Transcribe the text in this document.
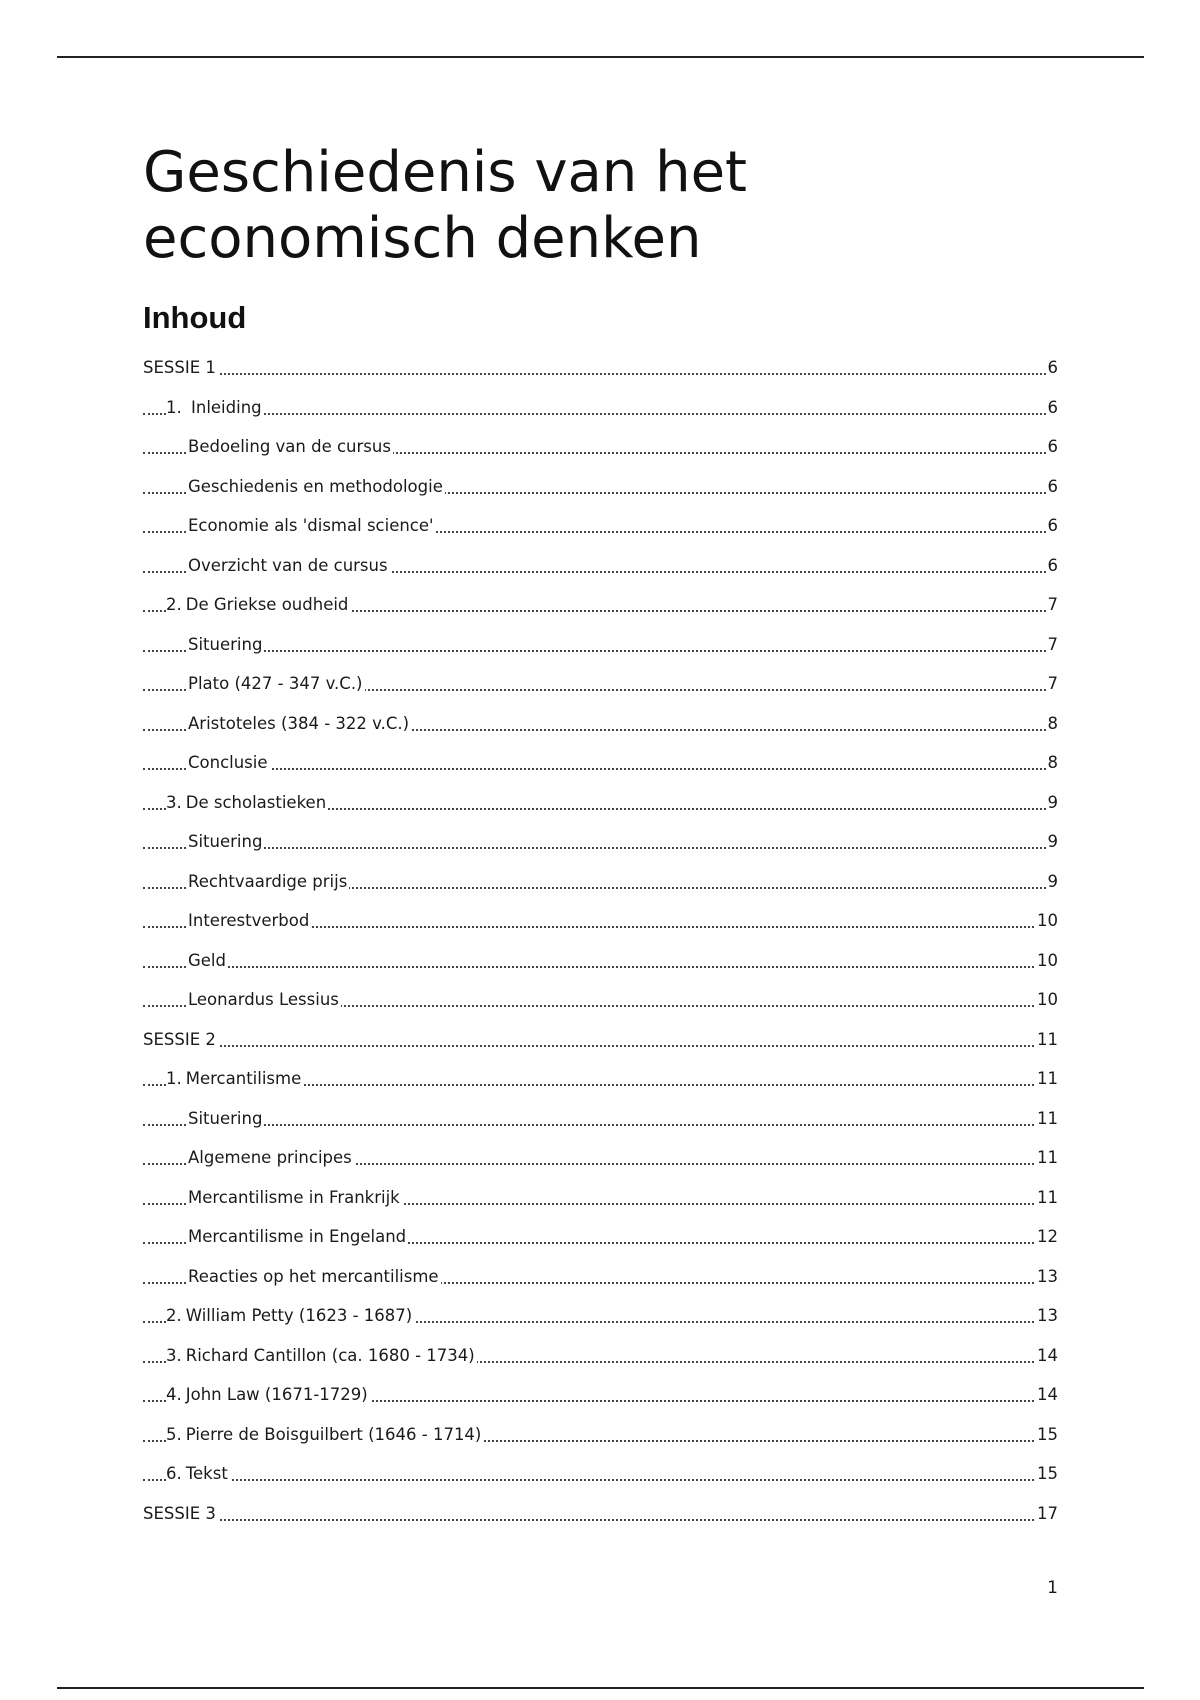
Geschiedenis van het economisch denken
Inhoud
SESSIE 1	6
1. Inleiding	6
Bedoeling van de cursus	6
Geschiedenis en methodologie	6
Economie als 'dismal science'	6
Overzicht van de cursus	6
2. De Griekse oudheid	7
Situering	7
Plato (427 - 347 v.C.)	7
Aristoteles (384 - 322 v.C.)	8
Conclusie	8
3. De scholastieken	9
Situering	9
Rechtvaardige prijs	9
Interestverbod	10
Geld	10
Leonardus Lessius	10
SESSIE 2	11
1. Mercantilisme	11
Situering	11
Algemene principes	11
Mercantilisme in Frankrijk	11
Mercantilisme in Engeland	12
Reacties op het mercantilisme	13
2. William Petty (1623 - 1687)	13
3. Richard Cantillon (ca. 1680 - 1734)	14
4. John Law (1671-1729)	14
5. Pierre de Boisguilbert (1646 - 1714)	15
6. Tekst	15
SESSIE 3	17
1
